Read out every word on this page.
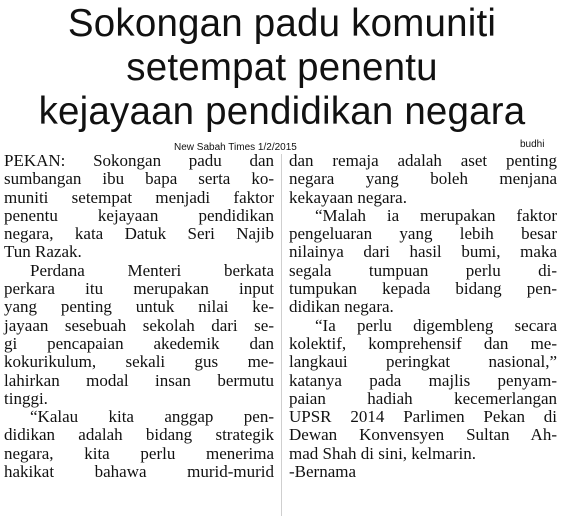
Sokongan padu komuniti
setempat penentu
kejayaan pendidikan negara
New Sabah Times 1/2/2015	budhi
PEKAN: Sokongan padu dan
sumbangan ibu bapa serta ko-
muniti setempat menjadi faktor
penentu kejayaan pendidikan
negara, kata Datuk Seri Najib
Tun Razak.
Perdana Menteri berkata
perkara itu merupakan input
yang penting untuk nilai ke-
jayaan sesebuah sekolah dari se-
gi pencapaian akedemik dan
kokurikulum, sekali gus me-
lahirkan modal insan bermutu
tinggi.
“Kalau kita anggap pen-
didikan adalah bidang strategik
negara, kita perlu menerima
hakikat bahawa murid-murid
dan remaja adalah aset penting
negara yang boleh menjana
kekayaan negara.
“Malah ia merupakan faktor
pengeluaran yang lebih besar
nilainya dari hasil bumi, maka
segala tumpuan perlu di-
tumpukan kepada bidang pen-
didikan negara.
“Ia perlu digembleng secara
kolektif, komprehensif dan me-
langkaui peringkat nasional,”
katanya pada majlis penyam-
paian hadiah kecemerlangan
UPSR 2014 Parlimen Pekan di
Dewan Konvensyen Sultan Ah-
mad Shah di sini, kelmarin.
-Bernama
